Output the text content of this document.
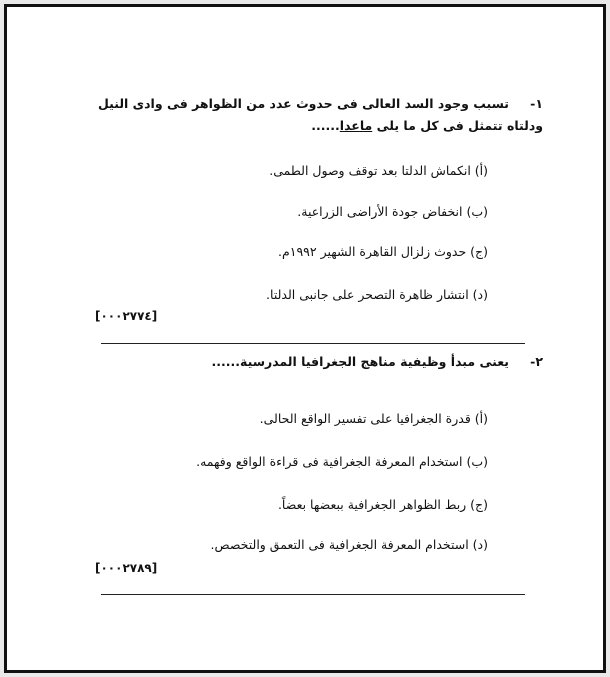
١-تسبب وجود السد العالى فى حدوث عدد من الظواهر فى وادى النيل ودلتاه تتمثل فى كل ما يلى ماعدا......
(أ) انكماش الدلتا بعد توقف وصول الطمى.
(ب) انخفاض جودة الأراضى الزراعية.
(ج) حدوث زلزال القاهرة الشهير ١٩٩٢م.
(د) انتشار ظاهرة التصحر على جانبى الدلتا.
[٠٠٠٢٧٧٤]
٢-يعنى مبدأ وظيفية مناهج الجغرافيا المدرسية......
(أ) قدرة الجغرافيا على تفسير الواقع الحالى.
(ب) استخدام المعرفة الجغرافية فى قراءة الواقع وفهمه.
(ج) ربط الظواهر الجغرافية ببعضها بعضاً.
(د) استخدام المعرفة الجغرافية فى التعمق والتخصص.
[٠٠٠٢٧٨٩]
